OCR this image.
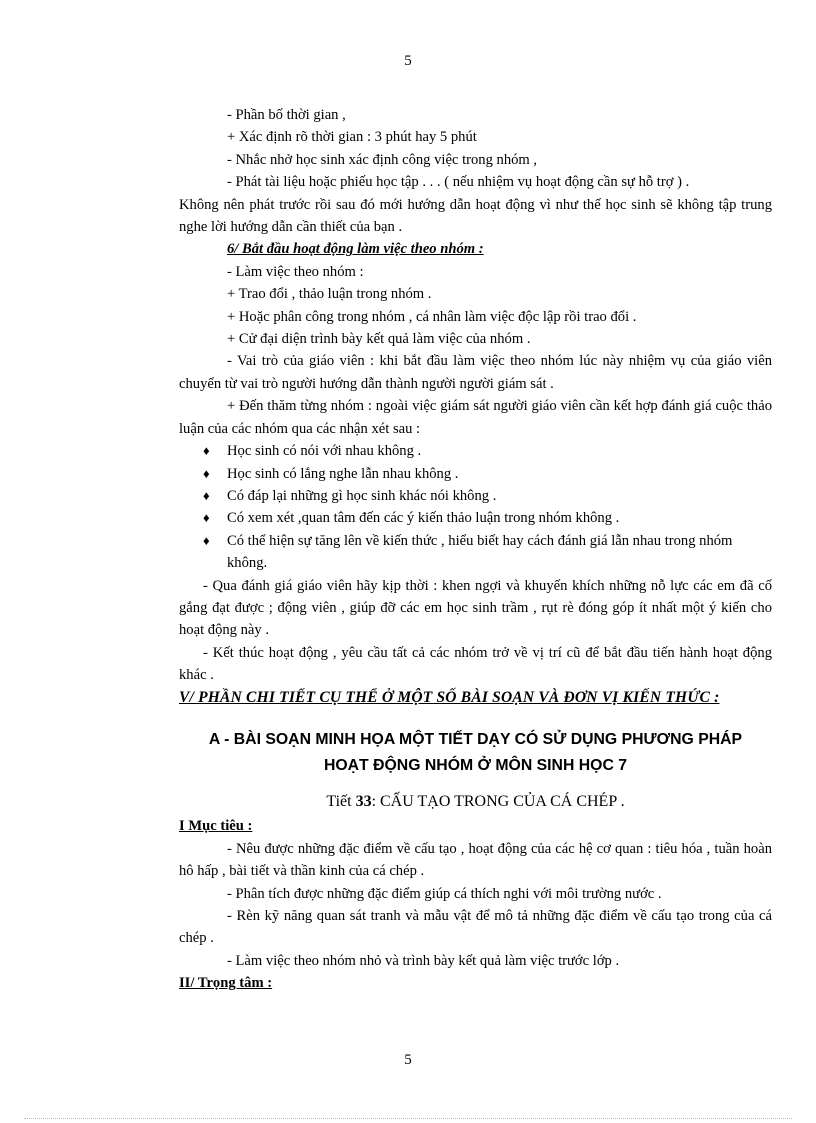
5
- Phần bố thời gian ,
+ Xác định rõ thời gian : 3 phút hay 5 phút
- Nhắc nhở học sinh xác định công việc trong nhóm ,
- Phát tài liệu hoặc phiếu học tập . . . ( nếu nhiệm vụ hoạt động cần sự hỗ trợ ) .
Không nên phát trước rồi sau đó mới hướng dẫn hoạt động vì như thế học sinh sẽ không tập trung nghe lời hướng dẫn cần thiết của bạn .
6/ Bắt đầu hoạt động làm việc theo nhóm :
- Làm việc theo nhóm :
+ Trao đổi , thảo luận trong nhóm .
+ Hoặc phân công trong nhóm , cá nhân làm việc độc lập rồi trao đổi .
+ Cử đại diện trình bày kết quả làm việc của nhóm .
- Vai trò của giáo viên : khi bắt đầu làm việc theo nhóm lúc này nhiệm vụ của giáo viên chuyển từ vai trò người hướng dẫn thành người người giám sát .
+ Đến thăm từng nhóm : ngoài việc giám sát người giáo viên cần kết hợp đánh giá cuộc thảo luận của các nhóm qua các nhận xét sau :
♦ Học sinh có nói với nhau không .
♦ Học sinh có lắng nghe lẫn nhau không .
♦ Có đáp lại những gì học sinh khác nói không .
♦ Có xem xét ,quan tâm đến các ý kiến thảo luận trong nhóm không .
♦ Có thể hiện sự tăng lên về kiến thức , hiểu biết hay cách đánh giá lẫn nhau trong nhóm không.
- Qua đánh giá giáo viên hãy kịp thời : khen ngợi và khuyến khích những nỗ lực các em đã cố gắng đạt được ; động viên , giúp đỡ các em học sinh trầm , rụt rè đóng góp ít nhất một ý kiến cho hoạt động này .
- Kết thúc hoạt động , yêu cầu tất cả các nhóm trở về vị trí cũ để bắt đầu tiến hành hoạt động khác .
V/ PHẦN CHI TIẾT CỤ THỂ Ở MỘT SỐ BÀI SOẠN VÀ ĐƠN VỊ KIẾN THỨC :
A - BÀI SOẠN MINH HỌA MỘT TIẾT DẠY CÓ SỬ DỤNG PHƯƠNG PHÁP
HOẠT ĐỘNG NHÓM Ở MÔN SINH HỌC 7
Tiết 33: CẤU TẠO TRONG CỦA CÁ CHÉP .
I Mục tiêu :
- Nêu được những đặc điểm về cấu tạo , hoạt động của các hệ cơ quan : tiêu hóa , tuần hoàn hô hấp , bài tiết và thần kinh của cá chép .
- Phân tích được những đặc điểm giúp cá thích nghi với môi trường nước .
- Rèn kỹ năng quan sát tranh và mẫu vật để mô tả những đặc điểm về cấu tạo trong của cá chép .
- Làm việc theo nhóm nhỏ và trình bày kết quả làm việc trước lớp .
II/ Trọng tâm :
5
